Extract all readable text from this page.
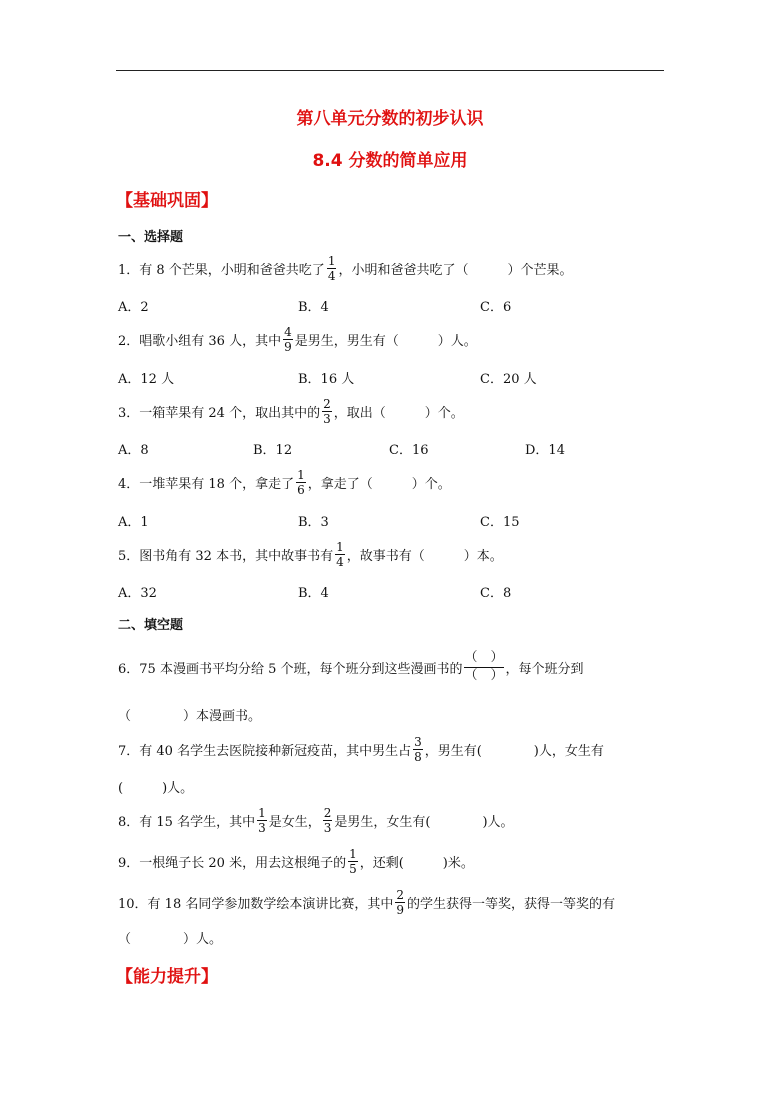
第八单元分数的初步认识
8.4 分数的简单应用
【基础巩固】
一、选择题
1．有 8 个芒果，小明和爸爸共吃了 $\frac{1}{4}$ ，小明和爸爸共吃了（
　　　	）个芒果。
A．2	B．4	C．6
2．唱歌小组有 36 人，其中 $\frac{4}{9}$ 是男生，男生有（
　　　	）人。
A．12 人	B．16 人	C．20 人
3．一箱苹果有 24 个，取出其中的 $\frac{2}{3}$ ，取出（
　　　	）个。
A．8	B．12	C．16	D．14
4．一堆苹果有 18 个，拿走了 $\frac{1}{6}$ ，拿走了（
　　　	）个。
A．1	B．3	C．15
5．图书角有 32 本书，其中故事书有 $\frac{1}{4}$ ，故事书有（
　　　	）本。
A．32	B．4	C．8
二、填空题
6．75 本漫画书平均分给 5 个班，每个班分到这些漫画书的 $\frac{( )}{( )}$ ，每个班分到
（　　　　）本漫画书。
7．有 40 名学生去医院接种新冠疫苗，其中男生占 $\frac{3}{8}$ ，男生有(　　　　)人，女生有
(　　　)人。
8．有 15 名学生，其中 $\frac{1}{3}$ 是女生， $\frac{2}{3}$ 是男生，女生有(　　　　)人。
9．一根绳子长 20 米，用去这根绳子的 $\frac{1}{5}$ ，还剩(　　　)米。
10．有 18 名同学参加数学绘本演讲比赛，其中 $\frac{2}{9}$ 的学生获得一等奖，获得一等奖的有
（　　　　）人。
【能力提升】
